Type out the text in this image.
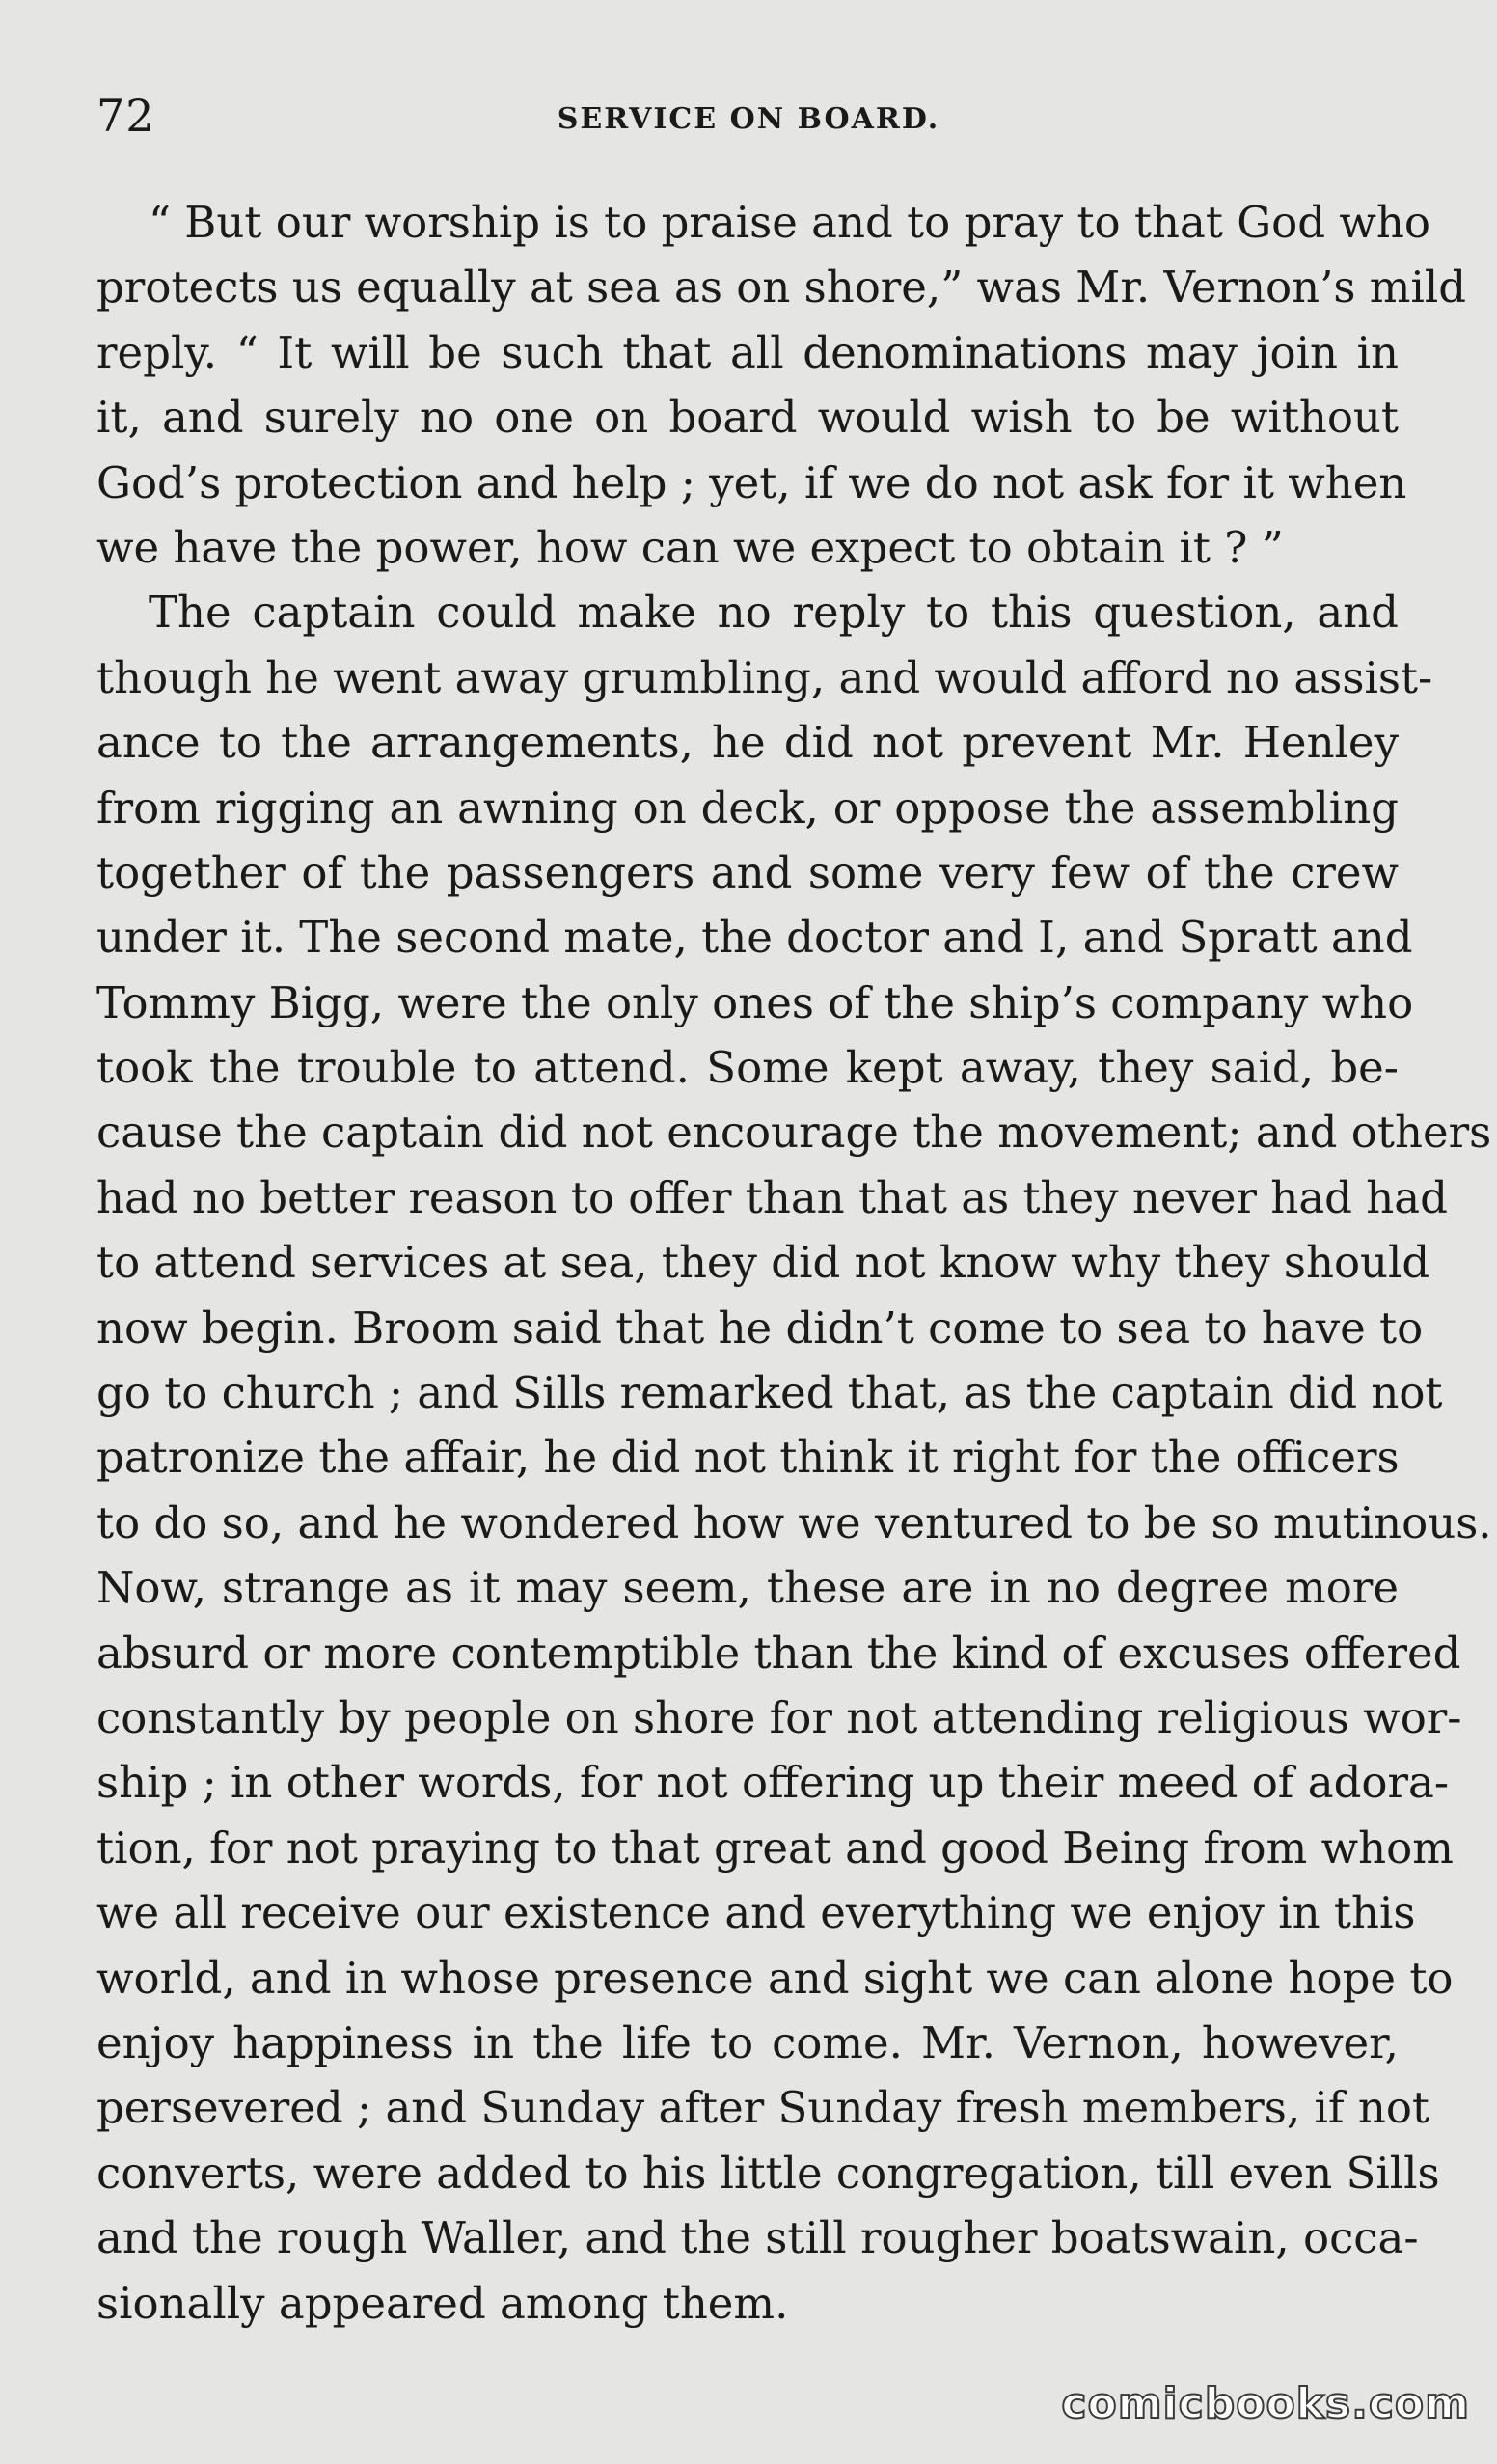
72	SERVICE ON BOARD.
“ But our worship is to praise and to pray to that God who
protects us equally at sea as on shore,” was Mr. Vernon’s mild
reply. “ It will be such that all denominations may join in
it, and surely no one on board would wish to be without
God’s protection and help ; yet, if we do not ask for it when
we have the power, how can we expect to obtain it ? ”
The captain could make no reply to this question, and
though he went away grumbling, and would afford no assist-
ance to the arrangements, he did not prevent Mr. Henley
from rigging an awning on deck, or oppose the assembling
together of the passengers and some very few of the crew
under it. The second mate, the doctor and I, and Spratt and
Tommy Bigg, were the only ones of the ship’s company who
took the trouble to attend. Some kept away, they said, be-
cause the captain did not encourage the movement; and others
had no better reason to offer than that as they never had had
to attend services at sea, they did not know why they should
now begin. Broom said that he didn’t come to sea to have to
go to church ; and Sills remarked that, as the captain did not
patronize the affair, he did not think it right for the officers
to do so, and he wondered how we ventured to be so mutinous.
Now, strange as it may seem, these are in no degree more
absurd or more contemptible than the kind of excuses offered
constantly by people on shore for not attending religious wor-
ship ; in other words, for not offering up their meed of adora-
tion, for not praying to that great and good Being from whom
we all receive our existence and everything we enjoy in this
world, and in whose presence and sight we can alone hope to
enjoy happiness in the life to come. Mr. Vernon, however,
persevered ; and Sunday after Sunday fresh members, if not
converts, were added to his little congregation, till even Sills
and the rough Waller, and the still rougher boatswain, occa-
sionally appeared among them.
comicbooks.com
